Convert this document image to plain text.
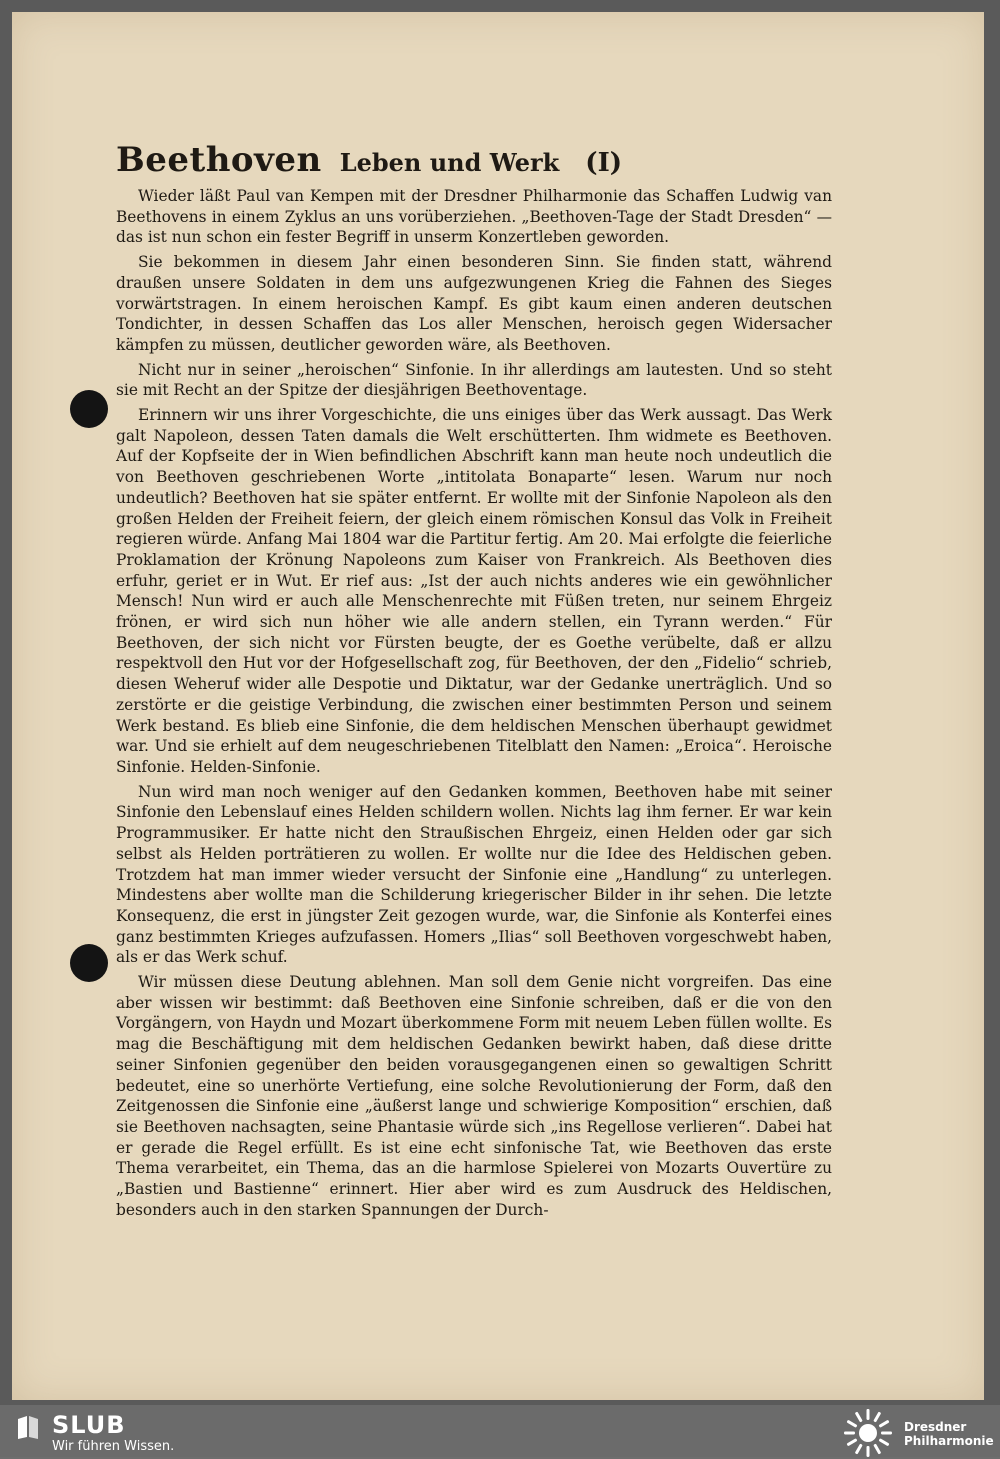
Beethoven Leben und Werk (I)

Wieder läßt Paul van Kempen mit der Dresdner Philharmonie das Schaffen Ludwig van Beethovens in einem Zyklus an uns vorüberziehen. „Beethoven-Tage der Stadt Dresden“ — das ist nun schon ein fester Begriff in unserm Konzertleben geworden.

Sie bekommen in diesem Jahr einen besonderen Sinn. Sie finden statt, während draußen unsere Soldaten in dem uns aufgezwungenen Krieg die Fahnen des Sieges vorwärtstragen. In einem heroischen Kampf. Es gibt kaum einen anderen deutschen Tondichter, in dessen Schaffen das Los aller Menschen, heroisch gegen Widersacher kämpfen zu müssen, deutlicher geworden wäre, als Beethoven.

Nicht nur in seiner „heroischen“ Sinfonie. In ihr allerdings am lautesten. Und so steht sie mit Recht an der Spitze der diesjährigen Beethoventage.

Erinnern wir uns ihrer Vorgeschichte, die uns einiges über das Werk aussagt. Das Werk galt Napoleon, dessen Taten damals die Welt erschütterten. Ihm widmete es Beethoven. Auf der Kopfseite der in Wien befindlichen Abschrift kann man heute noch undeutlich die von Beethoven geschriebenen Worte „intitolata Bonaparte“ lesen. Warum nur noch undeutlich? Beethoven hat sie später entfernt. Er wollte mit der Sinfonie Napoleon als den großen Helden der Freiheit feiern, der gleich einem römischen Konsul das Volk in Freiheit regieren würde. Anfang Mai 1804 war die Partitur fertig. Am 20. Mai erfolgte die feierliche Proklamation der Krönung Napoleons zum Kaiser von Frankreich. Als Beethoven dies erfuhr, geriet er in Wut. Er rief aus: „Ist der auch nichts anderes wie ein gewöhnlicher Mensch! Nun wird er auch alle Menschenrechte mit Füßen treten, nur seinem Ehrgeiz frönen, er wird sich nun höher wie alle andern stellen, ein Tyrann werden.“ Für Beethoven, der sich nicht vor Fürsten beugte, der es Goethe verübelte, daß er allzu respektvoll den Hut vor der Hofgesellschaft zog, für Beethoven, der den „Fidelio“ schrieb, diesen Weheruf wider alle Despotie und Diktatur, war der Gedanke unerträglich. Und so zerstörte er die geistige Verbindung, die zwischen einer bestimmten Person und seinem Werk bestand. Es blieb eine Sinfonie, die dem heldischen Menschen überhaupt gewidmet war. Und sie erhielt auf dem neugeschriebenen Titelblatt den Namen: „Eroica“. Heroische Sinfonie. Helden-Sinfonie.

Nun wird man noch weniger auf den Gedanken kommen, Beethoven habe mit seiner Sinfonie den Lebenslauf eines Helden schildern wollen. Nichts lag ihm ferner. Er war kein Programmusiker. Er hatte nicht den Straußischen Ehrgeiz, einen Helden oder gar sich selbst als Helden porträtieren zu wollen. Er wollte nur die Idee des Heldischen geben. Trotzdem hat man immer wieder versucht der Sinfonie eine „Handlung“ zu unterlegen. Mindestens aber wollte man die Schilderung kriegerischer Bilder in ihr sehen. Die letzte Konsequenz, die erst in jüngster Zeit gezogen wurde, war, die Sinfonie als Konterfei eines ganz bestimmten Krieges aufzufassen. Homers „Ilias“ soll Beethoven vorgeschwebt haben, als er das Werk schuf.

Wir müssen diese Deutung ablehnen. Man soll dem Genie nicht vorgreifen. Das eine aber wissen wir bestimmt: daß Beethoven eine Sinfonie schreiben, daß er die von den Vorgängern, von Haydn und Mozart überkommene Form mit neuem Leben füllen wollte. Es mag die Beschäftigung mit dem heldischen Gedanken bewirkt haben, daß diese dritte seiner Sinfonien gegenüber den beiden vorausgegangenen einen so gewaltigen Schritt bedeutet, eine so unerhörte Vertiefung, eine solche Revolutionierung der Form, daß den Zeitgenossen die Sinfonie eine „äußerst lange und schwierige Komposition“ erschien, daß sie Beethoven nachsagten, seine Phantasie würde sich „ins Regellose verlieren“. Dabei hat er gerade die Regel erfüllt. Es ist eine echt sinfonische Tat, wie Beethoven das erste Thema verarbeitet, ein Thema, das an die harmlose Spielerei von Mozarts Ouvertüre zu „Bastien und Bastienne“ erinnert. Hier aber wird es zum Ausdruck des Heldischen, besonders auch in den starken Spannungen der Durch-

SLUB
Wir führen Wissen.
Dresdner
Philharmonie
